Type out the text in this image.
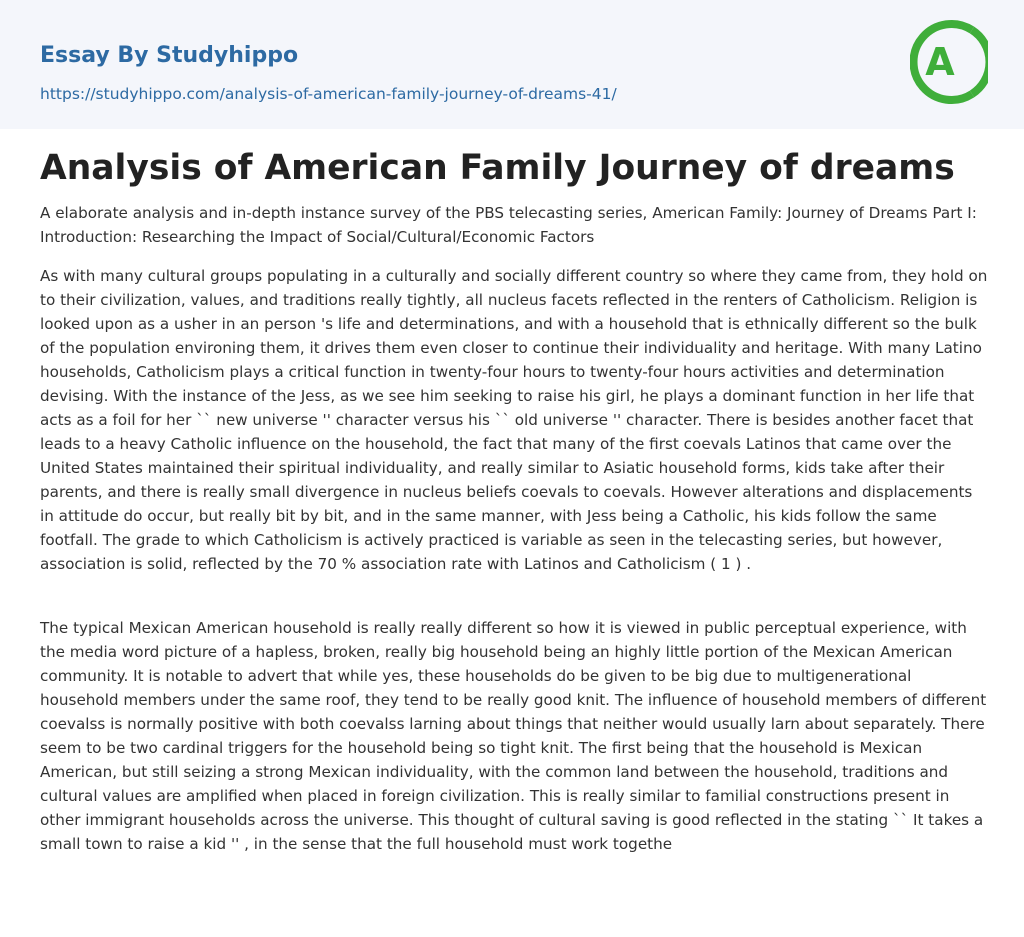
Essay By Studyhippo

https://studyhippo.com/analysis-of-american-family-journey-of-dreams-41/
A
Analysis of American Family Journey of dreams

A elaborate analysis and in-depth instance survey of the PBS telecasting series, American Family: Journey of Dreams Part I: Introduction: Researching the Impact of Social/Cultural/Economic Factors

As with many cultural groups populating in a culturally and socially different country so where they came from, they hold on to their civilization, values, and traditions really tightly, all nucleus facets reflected in the renters of Catholicism. Religion is looked upon as a usher in an person 's life and determinations, and with a household that is ethnically different so the bulk of the population environing them, it drives them even closer to continue their individuality and heritage. With many Latino households, Catholicism plays a critical function in twenty-four hours to twenty-four hours activities and determination devising. With the instance of the Jess, as we see him seeking to raise his girl, he plays a dominant function in her life that acts as a foil for her `` new universe '' character versus his `` old universe '' character. There is besides another facet that leads to a heavy Catholic influence on the household, the fact that many of the first coevals Latinos that came over the United States maintained their spiritual individuality, and really similar to Asiatic household forms, kids take after their parents, and there is really small divergence in nucleus beliefs coevals to coevals. However alterations and displacements in attitude do occur, but really bit by bit, and in the same manner, with Jess being a Catholic, his kids follow the same footfall. The grade to which Catholicism is actively practiced is variable as seen in the telecasting series, but however, association is solid, reflected by the 70 % association rate with Latinos and Catholicism ( 1 ) .

The typical Mexican American household is really really different so how it is viewed in public perceptual experience, with the media word picture of a hapless, broken, really big household being an highly little portion of the Mexican American community. It is notable to advert that while yes, these households do be given to be big due to multigenerational household members under the same roof, they tend to be really good knit. The influence of household members of different coevalss is normally positive with both coevalss larning about things that neither would usually larn about separately. There seem to be two cardinal triggers for the household being so tight knit. The first being that the household is Mexican American, but still seizing a strong Mexican individuality, with the common land between the household, traditions and cultural values are amplified when placed in foreign civilization. This is really similar to familial constructions present in other immigrant households across the universe. This thought of cultural saving is good reflected in the stating `` It takes a small town to raise a kid '' , in the sense that the full household must work togethe
